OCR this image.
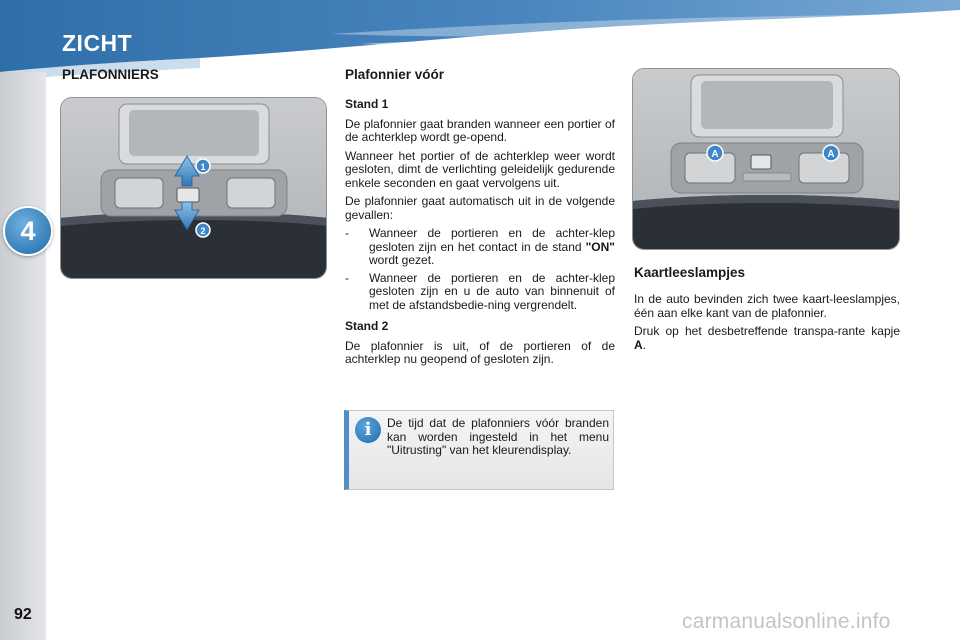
ZICHT
4
92
PLAFONNIERS
1
2
Plafonnier vóór
Stand 1

De plafonnier gaat branden wanneer een portier of de achterklep wordt ge-opend.

Wanneer het portier of de achterklep weer wordt gesloten, dimt de verlichting geleidelijk gedurende enkele seconden en gaat vervolgens uit.

De plafonnier gaat automatisch uit in de volgende gevallen:

- Wanneer de portieren en de achter-klep gesloten zijn en het contact in de stand "ON" wordt gezet.
- Wanneer de portieren en de achter-klep gesloten zijn en u de auto van binnenuit of met de afstandsbedie-ning vergrendelt.
Stand 2

De plafonnier is uit, of de portieren of de achterklep nu geopend of gesloten zijn.

i	De tijd dat de plafonniers vóór branden kan worden ingesteld in het menu "Uitrusting" van het kleurendisplay.
A	A
Kaartleeslampjes

In de auto bevinden zich twee kaart-leeslampjes, één aan elke kant van de plafonnier.

Druk op het desbetreffende transpa-rante kapje A.

carmanualsonline.info
